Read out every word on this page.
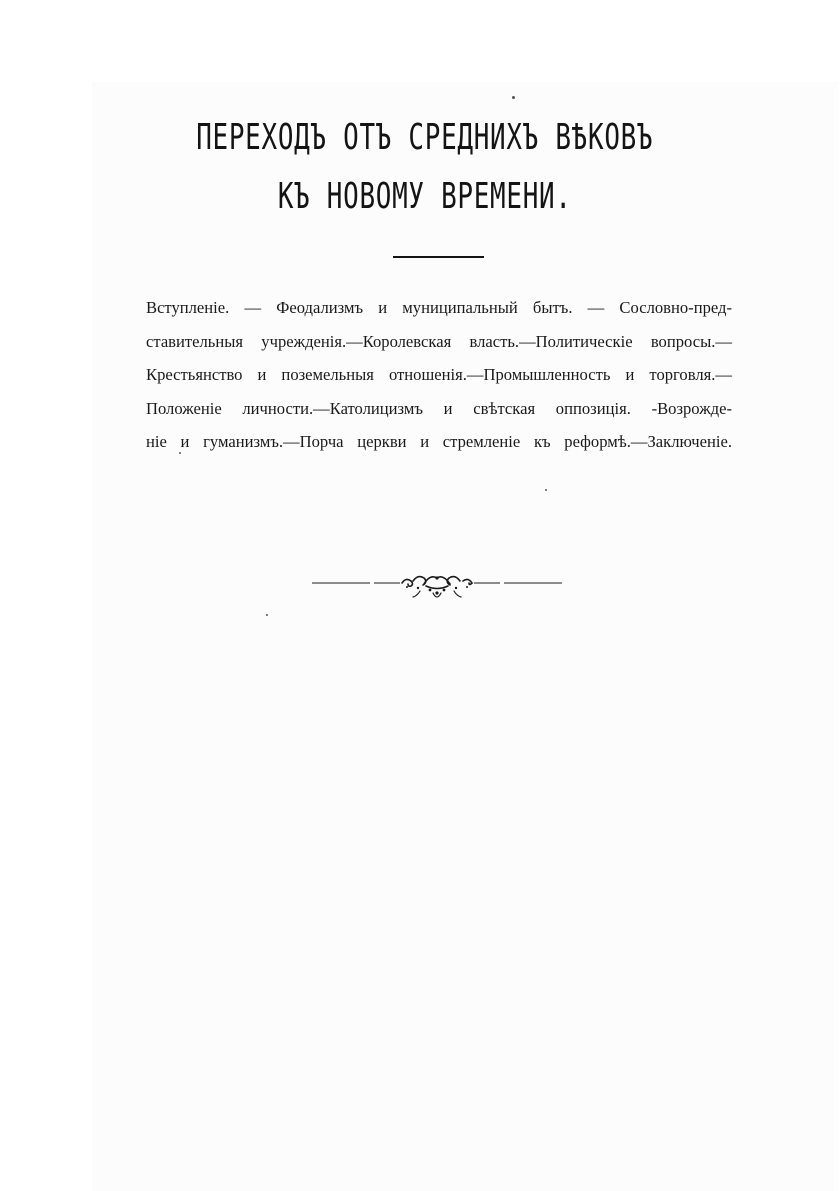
ПЕРЕХОДЪ ОТЪ СРЕДНИХЪ ВѢКОВЪ
КЪ НОВОМУ ВРЕМЕНИ.
Вступленіе. — Феодализмъ и муниципальный бытъ. — Сословно-пред-
ставительныя учрежденія.—Королевская власть.—Политическіе вопросы.—
Крестьянство и поземельныя отношенія.—Промышленность и торговля.—
Положеніе личности.—Католицизмъ и свѣтская оппозиція. -Возрожде-
ніе и гуманизмъ.—Порча церкви и стремленіе къ реформѣ.—Заключеніе.
